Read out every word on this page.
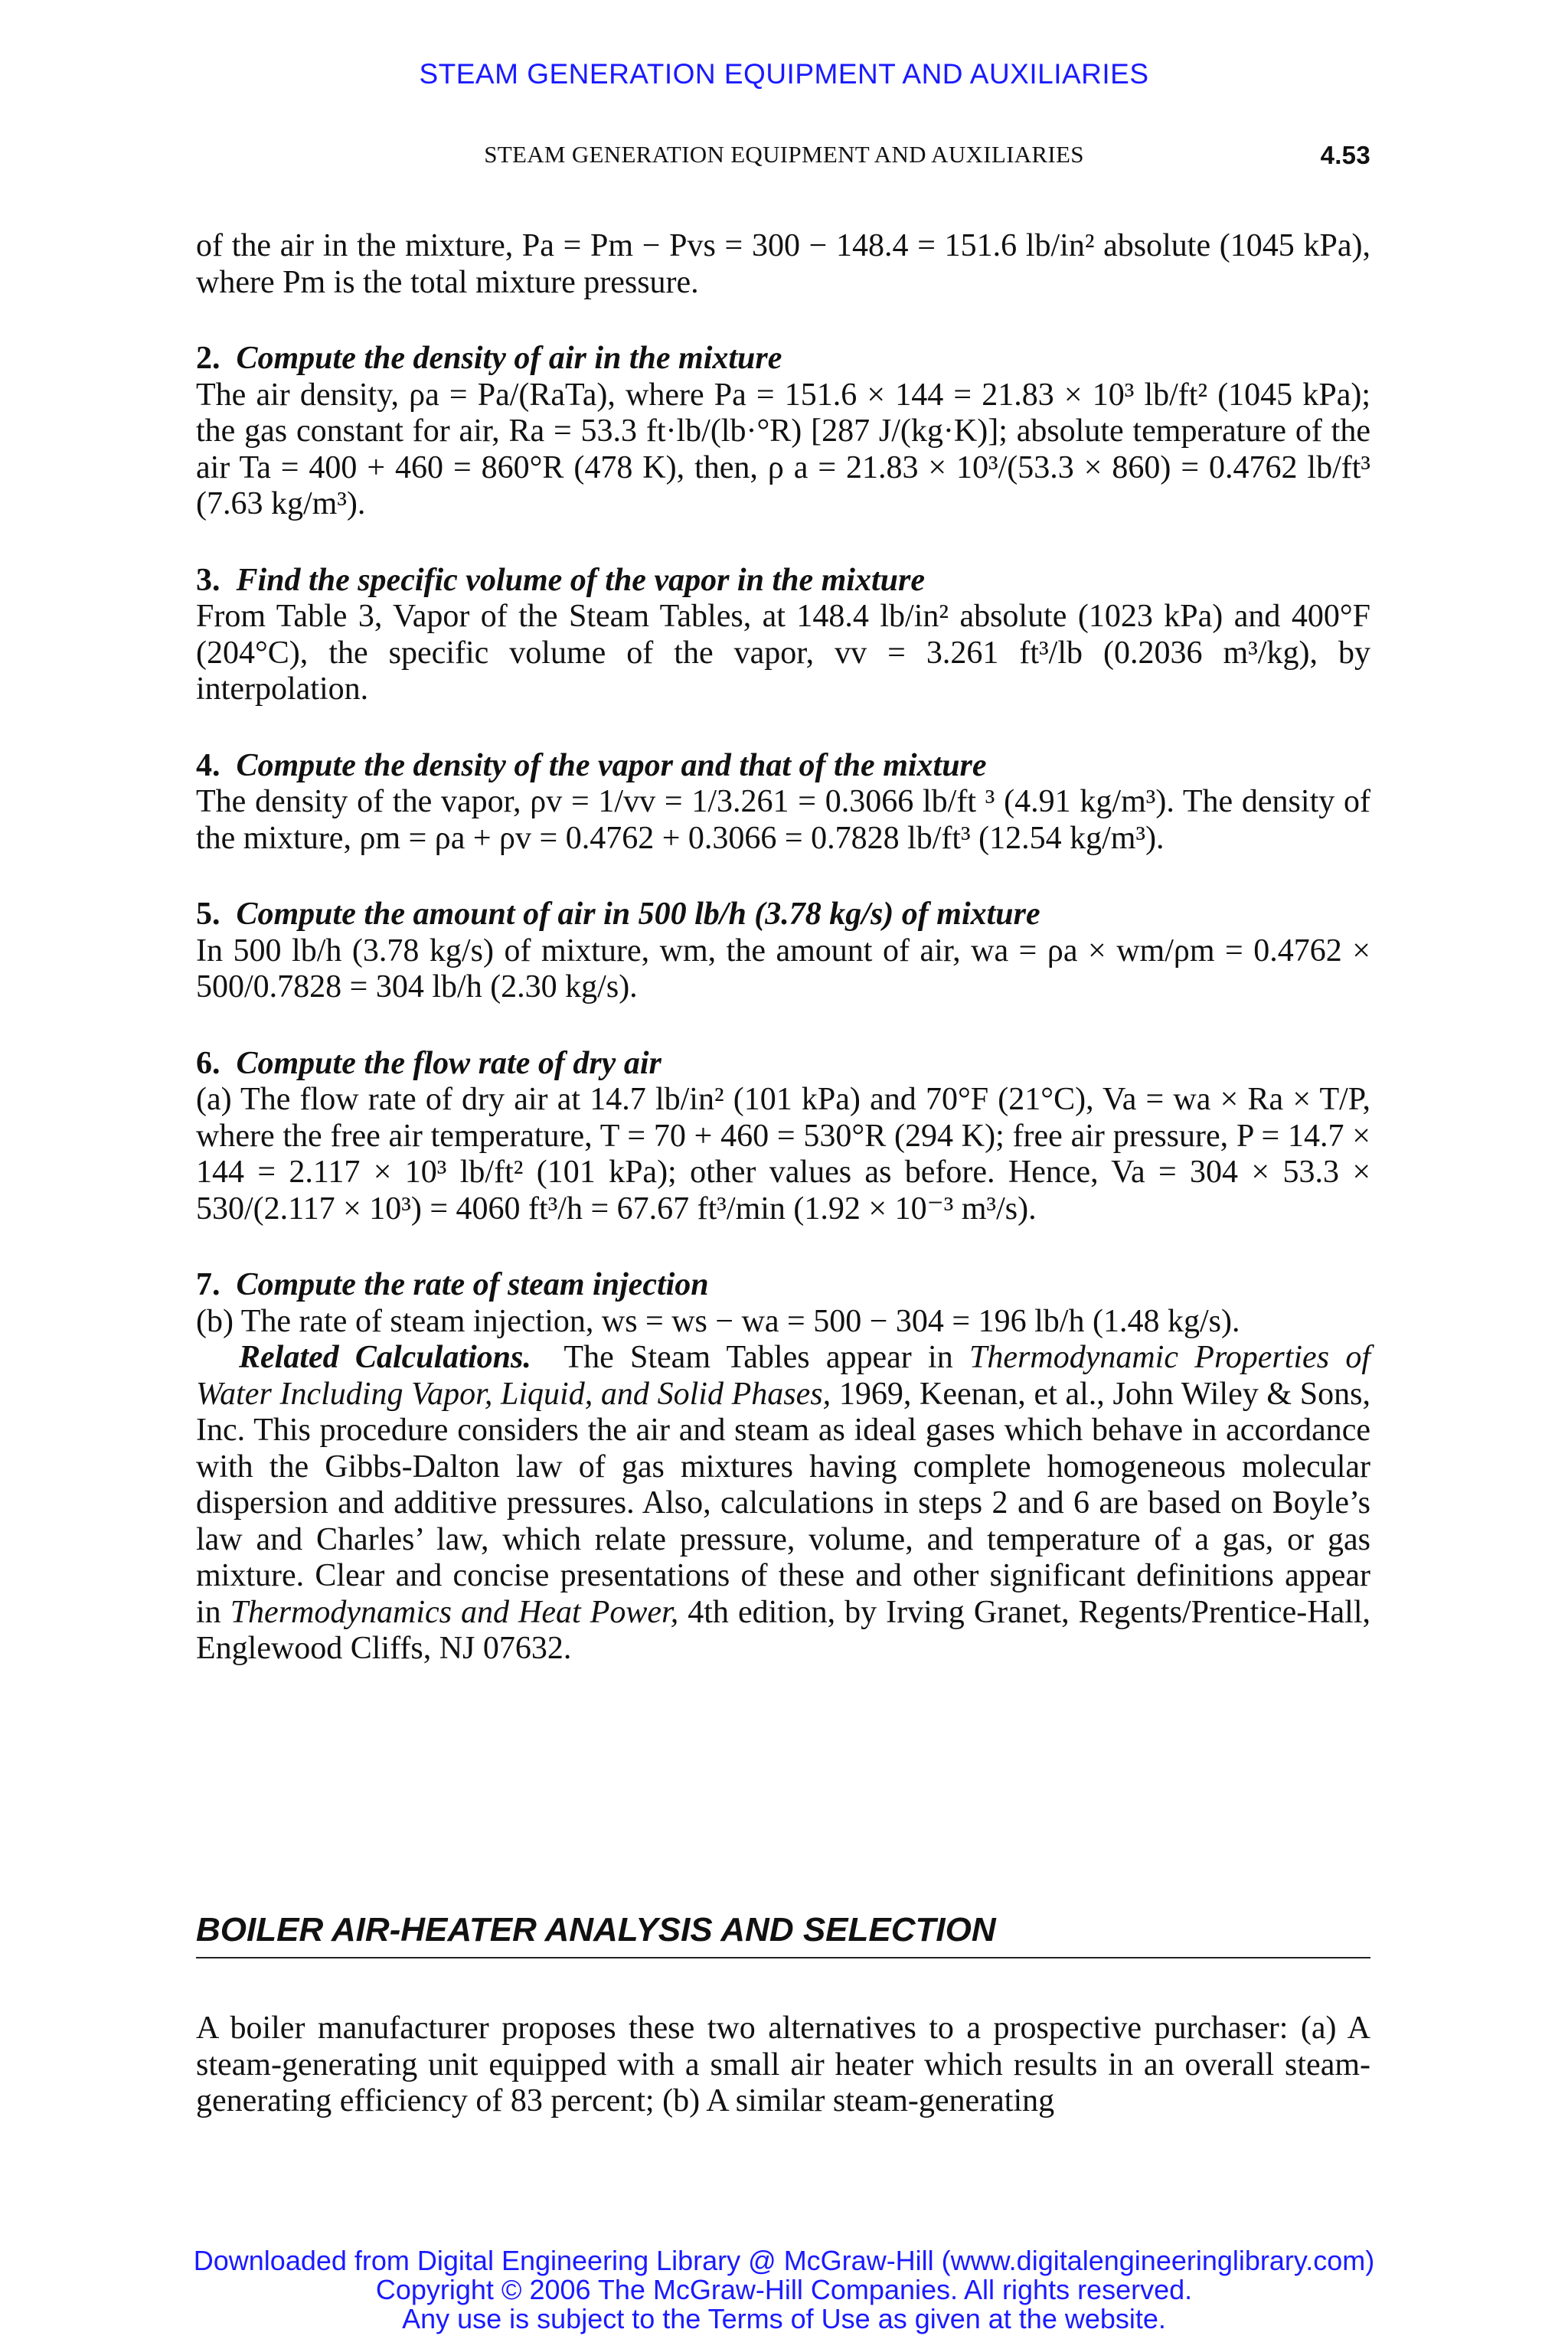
STEAM GENERATION EQUIPMENT AND AUXILIARIES
STEAM GENERATION EQUIPMENT AND AUXILIARIES	4.53

of the air in the mixture, Pa = Pm − Pvs = 300 − 148.4 = 151.6 lb/in² absolute (1045 kPa), where Pm is the total mixture pressure.

2. Compute the density of air in the mixture

The air density, ρa = Pa/(RaTa), where Pa = 151.6 × 144 = 21.83 × 10³ lb/ft² (1045 kPa); the gas constant for air, Ra = 53.3 ft·lb/(lb·°R) [287 J/(kg·K)]; absolute temperature of the air Ta = 400 + 460 = 860°R (478 K), then, ρ a = 21.83 × 10³/(53.3 × 860) = 0.4762 lb/ft³ (7.63 kg/m³).

3. Find the specific volume of the vapor in the mixture

From Table 3, Vapor of the Steam Tables, at 148.4 lb/in² absolute (1023 kPa) and 400°F (204°C), the specific volume of the vapor, vv = 3.261 ft³/lb (0.2036 m³/kg), by interpolation.

4. Compute the density of the vapor and that of the mixture

The density of the vapor, ρv = 1/vv = 1/3.261 = 0.3066 lb/ft ³ (4.91 kg/m³). The density of the mixture, ρm = ρa + ρv = 0.4762 + 0.3066 = 0.7828 lb/ft³ (12.54 kg/m³).

5. Compute the amount of air in 500 lb/h (3.78 kg/s) of mixture

In 500 lb/h (3.78 kg/s) of mixture, wm, the amount of air, wa = ρa × wm/ρm = 0.4762 × 500/0.7828 = 304 lb/h (2.30 kg/s).

6. Compute the flow rate of dry air

(a) The flow rate of dry air at 14.7 lb/in² (101 kPa) and 70°F (21°C), Va = wa × Ra × T/P, where the free air temperature, T = 70 + 460 = 530°R (294 K); free air pressure, P = 14.7 × 144 = 2.117 × 10³ lb/ft² (101 kPa); other values as before. Hence, Va = 304 × 53.3 × 530/(2.117 × 10³) = 4060 ft³/h = 67.67 ft³/min (1.92 × 10⁻³ m³/s).

7. Compute the rate of steam injection

(b) The rate of steam injection, ws = ws − wa = 500 − 304 = 196 lb/h (1.48 kg/s).

Related Calculations. The Steam Tables appear in Thermodynamic Properties of Water Including Vapor, Liquid, and Solid Phases, 1969, Keenan, et al., John Wiley & Sons, Inc. This procedure considers the air and steam as ideal gases which behave in accordance with the Gibbs-Dalton law of gas mixtures having complete homogeneous molecular dispersion and additive pressures. Also, calculations in steps 2 and 6 are based on Boyle’s law and Charles’ law, which relate pressure, volume, and temperature of a gas, or gas mixture. Clear and concise presentations of these and other significant definitions appear in Thermodynamics and Heat Power, 4th edition, by Irving Granet, Regents/Prentice-Hall, Englewood Cliffs, NJ 07632.

BOILER AIR-HEATER ANALYSIS AND SELECTION

A boiler manufacturer proposes these two alternatives to a prospective purchaser: (a) A steam-generating unit equipped with a small air heater which results in an overall steam-generating efficiency of 83 percent; (b) A similar steam-generating

Downloaded from Digital Engineering Library @ McGraw-Hill (www.digitalengineeringlibrary.com)
Copyright © 2006 The McGraw-Hill Companies. All rights reserved.
Any use is subject to the Terms of Use as given at the website.
